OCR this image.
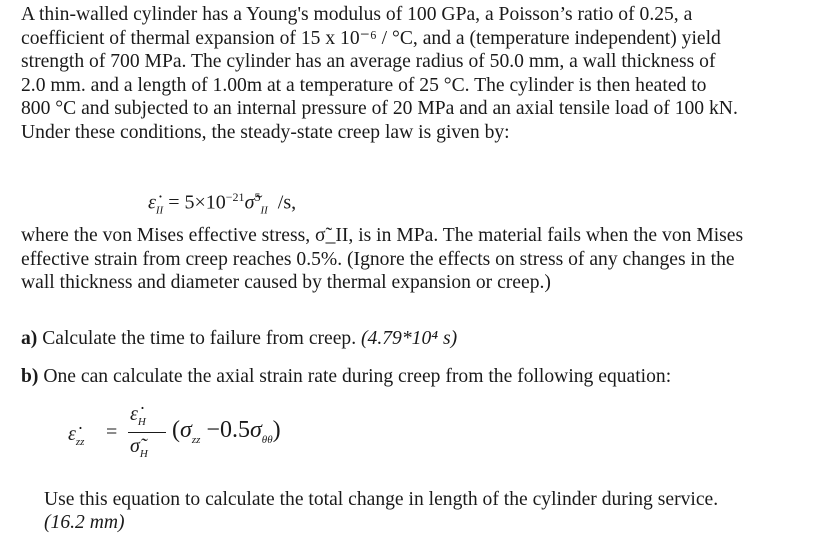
A thin-walled cylinder has a Young's modulus of 100 GPa, a Poisson’s ratio of 0.25, a
coefficient of thermal expansion of 15 x 10⁻⁶ / °C, and a (temperature independent) yield
strength of 700 MPa. The cylinder has an average radius of 50.0 mm, a wall thickness of
2.0 mm. and a length of 1.00m at a temperature of 25 °C. The cylinder is then heated to
800 °C and subjected to an internal pressure of 20 MPa and an axial tensile load of 100 kN.
Under these conditions, the steady-state creep law is given by:

$\varepsiloṅ_{II}$ = $5\times 10^{-21}\sigmã^5_{II}$ /s,

where the von Mises effective stress, σ̃_II, is in MPa. The material fails when the von Mises
effective strain from creep reaches 0.5%. (Ignore the effects on stress of any changes in the
wall thickness and diameter caused by thermal expansion or creep.)

a) Calculate the time to failure from creep. (4.79*10⁴ s)
b) One can calculate the axial strain rate during creep from the following equation:
$\varepsiloṅ_{zz}$ =
$\varepsiloṅ_H$
$\sigmã_H$
$(\sigma_{zz} -0.5\sigma_{\theta\theta})$

Use this equation to calculate the total change in length of the cylinder during service.
(16.2 mm)
